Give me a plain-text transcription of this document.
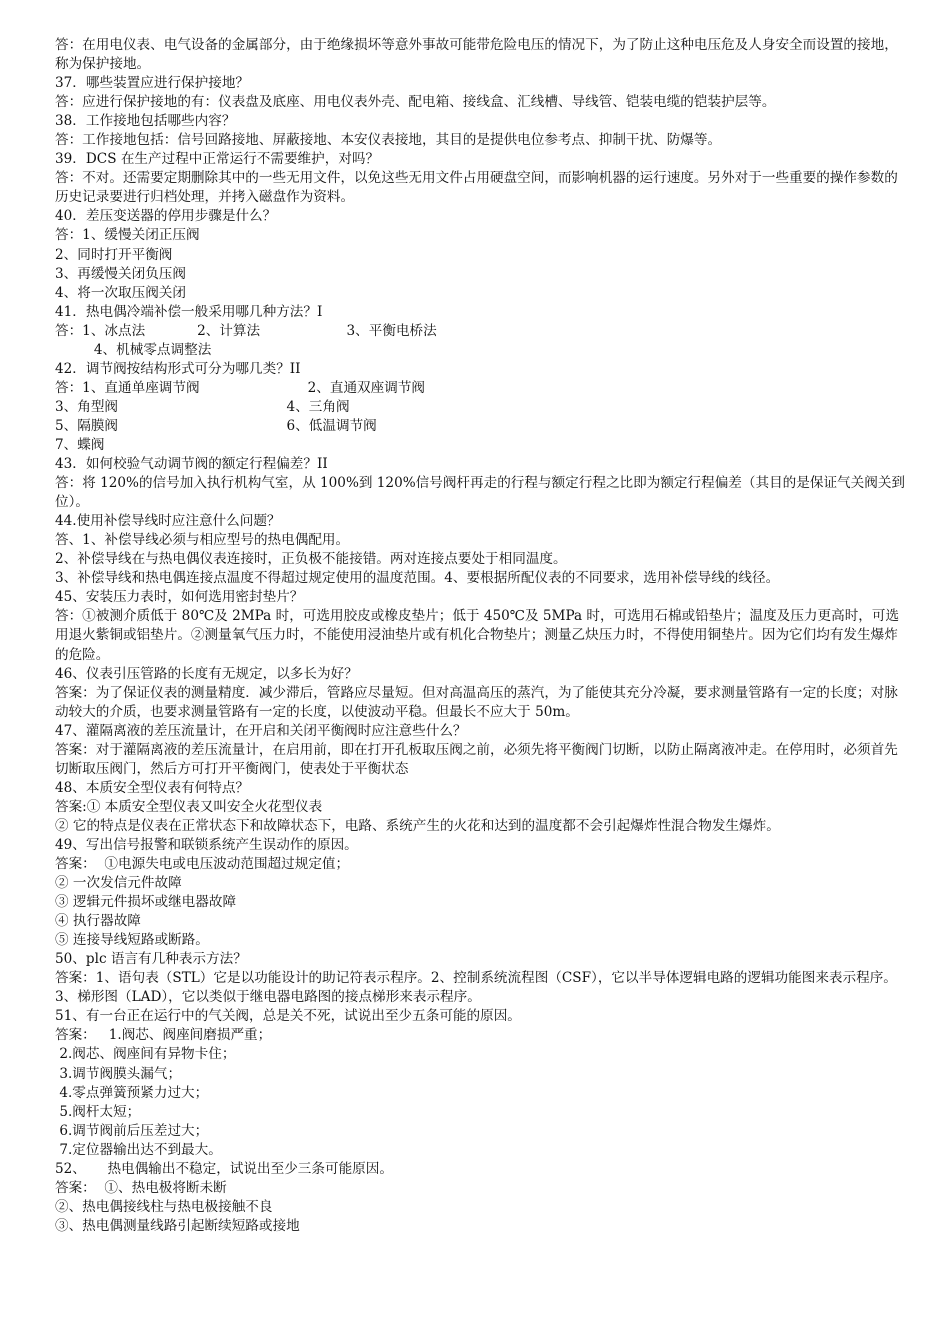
答：在用电仪表、电气设备的金属部分，由于绝缘损坏等意外事故可能带危险电压的情况下，为了防止这种电压危及人身安全而设置的接地，称为保护接地。
37．哪些装置应进行保护接地？
答：应进行保护接地的有：仪表盘及底座、用电仪表外壳、配电箱、接线盒、汇线槽、导线管、铠装电缆的铠装护层等。
38．工作接地包括哪些内容？
答：工作接地包括：信号回路接地、屏蔽接地、本安仪表接地，其目的是提供电位参考点、抑制干扰、防爆等。
39．DCS 在生产过程中正常运行不需要维护，对吗？
答：不对。还需要定期删除其中的一些无用文件，以免这些无用文件占用硬盘空间，而影响机器的运行速度。另外对于一些重要的操作参数的历史记录要进行归档处理，并拷入磁盘作为资料。
40．差压变送器的停用步骤是什么？
答：1、缓慢关闭正压阀
2、同时打开平衡阀
3、再缓慢关闭负压阀
4、将一次取压阀关闭
41．热电偶冷端补偿一般采用哪几种方法？I
答：1、冰点法            2、计算法                    3、平衡电桥法
4、机械零点调整法
42．调节阀按结构形式可分为哪几类？II
答：1、直通单座调节阀                         2、直通双座调节阀
3、角型阀                                       4、三角阀
5、隔膜阀                                       6、低温调节阀
7、蝶阀
43．如何校验气动调节阀的额定行程偏差？II
答：将 120%的信号加入执行机构气室，从 100%到 120%信号阀杆再走的行程与额定行程之比即为额定行程偏差（其目的是保证气关阀关到位）。
44.使用补偿导线时应注意什么问题？
答、1、补偿导线必须与相应型号的热电偶配用。
2、补偿导线在与热电偶仪表连接时，正负极不能接错。两对连接点要处于相同温度。
3、补偿导线和热电偶连接点温度不得超过规定使用的温度范围。4、要根据所配仪表的不同要求，选用补偿导线的线径。
45、安装压力表时，如何选用密封垫片？
答：①被测介质低于 80℃及 2MPa 时，可选用胶皮或橡皮垫片；低于 450℃及 5MPa 时，可选用石棉或铅垫片；温度及压力更高时，可选用退火紫铜或铝垫片。②测量氧气压力时，不能使用浸油垫片或有机化合物垫片；测量乙炔压力时，不得使用铜垫片。因为它们均有发生爆炸的危险。
46、仪表引压管路的长度有无规定，以多长为好？
答案：为了保证仪表的测量精度．减少滞后，管路应尽量短。但对高温高压的蒸汽，为了能使其充分冷凝，要求测量管路有一定的长度；对脉动较大的介质，也要求测量管路有一定的长度，以使波动平稳。但最长不应大于 50m。
47、灌隔离液的差压流量计，在开启和关闭平衡阀时应注意些什么？
答案：对于灌隔离液的差压流量计，在启用前，即在打开孔板取压阀之前，必须先将平衡阀门切断，以防止隔离液冲走。在停用时，必须首先切断取压阀门，然后方可打开平衡阀门，使表处于平衡状态
48、本质安全型仪表有何特点？
答案:① 本质安全型仪表又叫安全火花型仪表
② 它的特点是仪表在正常状态下和故障状态下，电路、系统产生的火花和达到的温度都不会引起爆炸性混合物发生爆炸。
49、写出信号报警和联锁系统产生误动作的原因。
答案：  ①电源失电或电压波动范围超过规定值；
② 一次发信元件故障
③ 逻辑元件损坏或继电器故障
④ 执行器故障
⑤ 连接导线短路或断路。
50、plc 语言有几种表示方法？
答案：1、语句表（STL）它是以功能设计的助记符表示程序。2、控制系统流程图（CSF），它以半导体逻辑电路的逻辑功能图来表示程序。3、梯形图（LAD），它以类似于继电器电路图的接点梯形来表示程序。
51、有一台正在运行中的气关阀，总是关不死，试说出至少五条可能的原因。
答案：   1.阀芯、阀座间磨损严重；
2.阀芯、阀座间有异物卡住；
3.调节阀膜头漏气；
4.零点弹簧预紧力过大；
5.阀杆太短；
6.调节阀前后压差过大；
7.定位器输出达不到最大。
52、     热电偶输出不稳定，试说出至少三条可能原因。
答案：  ①、热电极将断未断
②、热电偶接线柱与热电极接触不良
③、热电偶测量线路引起断续短路或接地
